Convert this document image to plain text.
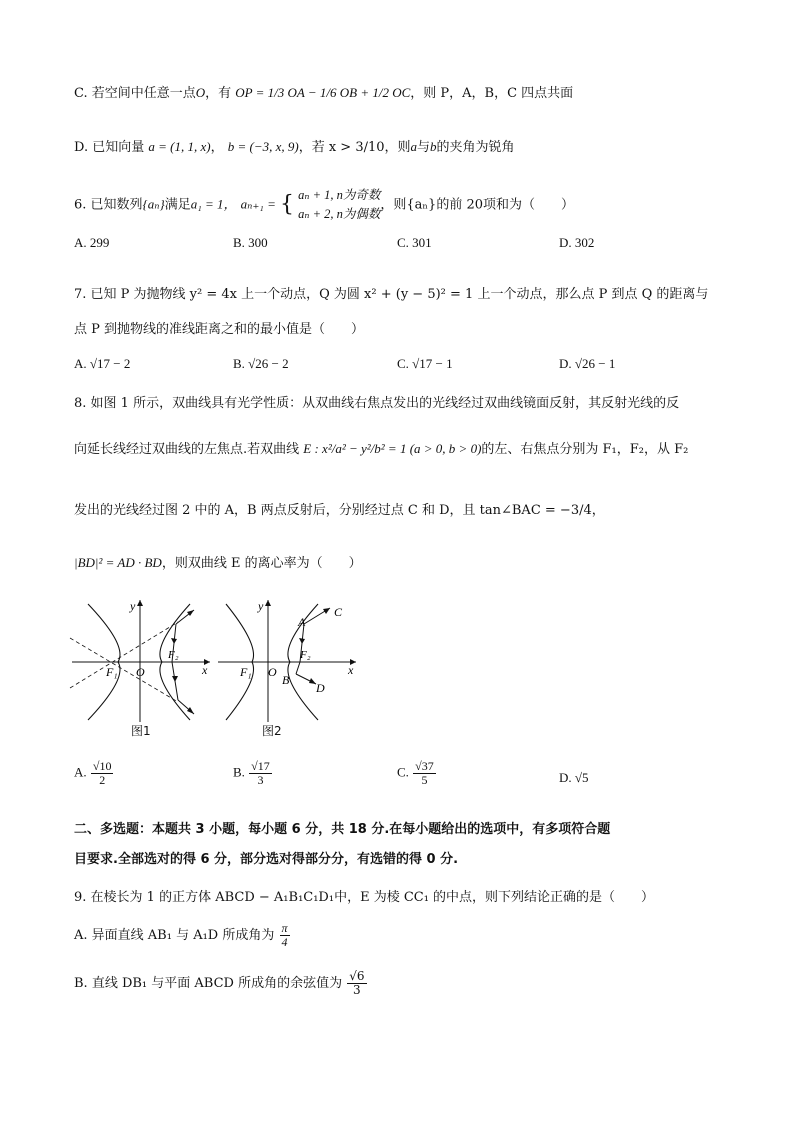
C. 若空间中任意一点O，有 OP = 1/3 OA − 1/6 OB + 1/2 OC，则 P，A，B，C 四点共面
D. 已知向量 a = (1, 1, x)， b = (−3, x, 9)，若 x > 3/10，则a与b的夹角为锐角
6. 已知数列{aₙ}满足a₁ = 1， aₙ₊₁ = { aₙ + 1, n为奇数
aₙ + 2, n为偶数
，则{aₙ}的前 20项和为（　　）
A. 299	B. 300	C. 301	D. 302
7. 已知 P 为抛物线 y² = 4x 上一个动点，Q 为圆 x² + (y − 5)² = 1 上一个动点，那么点 P 到点 Q 的距离与
点 P 到抛物线的准线距离之和的最小值是（　　）
A. √17 − 2	B. √26 − 2	C. √17 − 1	D. √26 − 1
8. 如图 1 所示，双曲线具有光学性质：从双曲线右焦点发出的光线经过双曲线镜面反射，其反射光线的反
向延长线经过双曲线的左焦点.若双曲线 E : x²/a² − y²/b² = 1 (a > 0, b > 0)的左、右焦点分别为 F₁，F₂，从 F₂
发出的光线经过图 2 中的 A，B 两点反射后，分别经过点 C 和 D，且 tan∠BAC = −3/4，
|BD|² = AD · BD，则双曲线 E 的离心率为（　　）
O
F₁
F₂
y
x
图1
O
F₁
F₂
A
C
B
D
y
x
图2
A. $\frac{√10}{2}$	B. $\frac{√17}{3}$	C. $\frac{√37}{5}$	D. √5
二、多选题：本题共 3 小题，每小题 6 分，共 18 分.在每小题给出的选项中，有多项符合题
目要求.全部选对的得 6 分，部分选对得部分分，有选错的得 0 分.
9. 在棱长为 1 的正方体 ABCD − A₁B₁C₁D₁中，E 为棱 CC₁ 的中点，则下列结论正确的是（　　）
A. 异面直线 AB₁ 与 A₁D 所成角为 $\frac{\pi}{4}$
B. 直线 DB₁ 与平面 ABCD 所成角的余弦值为 $\frac{√6}{3}$
